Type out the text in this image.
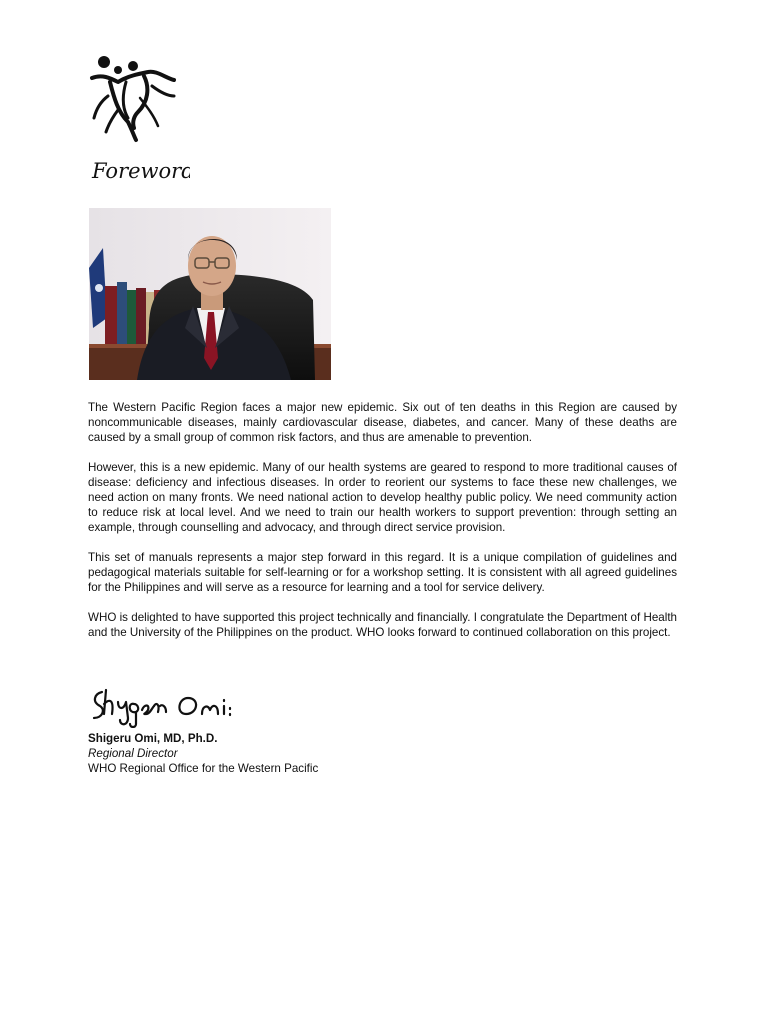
Foreword

The Western Pacific Region faces a major new epidemic. Six out of ten deaths in this Region are caused by noncommunicable diseases, mainly cardiovascular disease, diabetes, and cancer. Many of these deaths are caused by a small group of common risk factors, and thus are amenable to prevention.

However, this is a new epidemic. Many of our health systems are geared to respond to more traditional causes of disease: deficiency and infectious diseases. In order to reorient our systems to face these new challenges, we need action on many fronts. We need national action to develop healthy public policy. We need community action to reduce risk at local level. And we need to train our health workers to support prevention: through setting an example, through counselling and advocacy, and through direct service provision.

This set of manuals represents a major step forward in this regard. It is a unique compilation of guidelines and pedagogical materials suitable for self-learning or for a workshop setting. It is consistent with all agreed guidelines for the Philippines and will serve as a resource for learning and a tool for service delivery.

WHO is delighted to have supported this project technically and financially. I congratulate the Department of Health and the University of the Philippines on the product. WHO looks forward to continued collaboration on this project.

Shigeru Omi, MD, Ph.D.
Regional Director
WHO Regional Office for the Western Pacific
